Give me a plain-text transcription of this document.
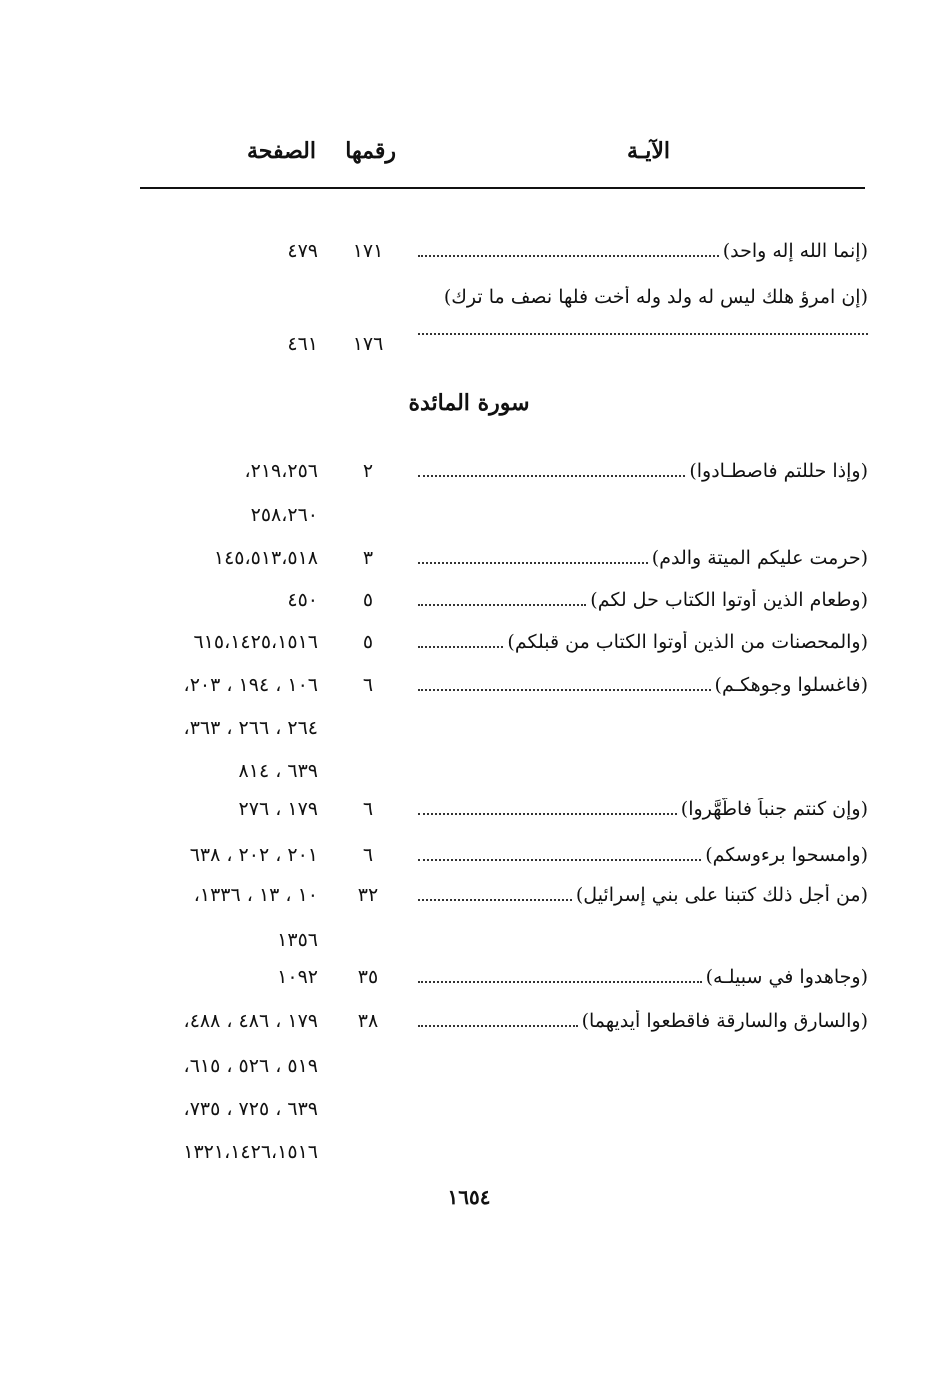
الآيـة
رقمها
الصفحة
(إنما الله إله واحد)
١٧١
٤٧٩
(إن امرؤ هلك ليس له ولد وله أخت فلها نصف ما ترك)
١٧٦
٤٦١
سورة المائدة
(وإذا حللتم فاصطـادوا)
٢
٢١٩،٢٥٦،
٢٥٨،٢٦٠
(حرمت عليكم الميتة والدم)
٣
١٤٥،٥١٣،٥١٨
(وطعام الذين أوتوا الكتاب حل لكم)
٥
٤٥٠
(والمحصنات من الذين أوتوا الكتاب من قبلكم)
٥
٦١٥،١٤٢٥،١٥١٦
(فاغسلوا وجوهكـم)
٦
١٠٦ ، ١٩٤ ، ٢٠٣،
٢٦٤ ، ٢٦٦ ، ٣٦٣،
٦٣٩ ، ٨١٤
(وإن كنتم جنباً فاطَّهَّروا)
٦
١٧٩ ، ٢٧٦
(وامسحوا برءوسكم)
٦
٢٠١ ، ٢٠٢ ، ٦٣٨
(من أجل ذلك كتبنا على بني إسرائيل)
٣٢
١٠ ، ١٣ ، ١٣٣٦،
١٣٥٦
(وجاهدوا في سبيلـه)
٣٥
١٠٩٢
(والسارق والسارقة فاقطعوا أيديهما)
٣٨
١٧٩ ، ٤٨٦ ، ٤٨٨،
٥١٩ ، ٥٢٦ ، ٦١٥،
٦٣٩ ، ٧٢٥ ، ٧٣٥،
١٣٢١،١٤٢٦،١٥١٦
١٦٥٤
